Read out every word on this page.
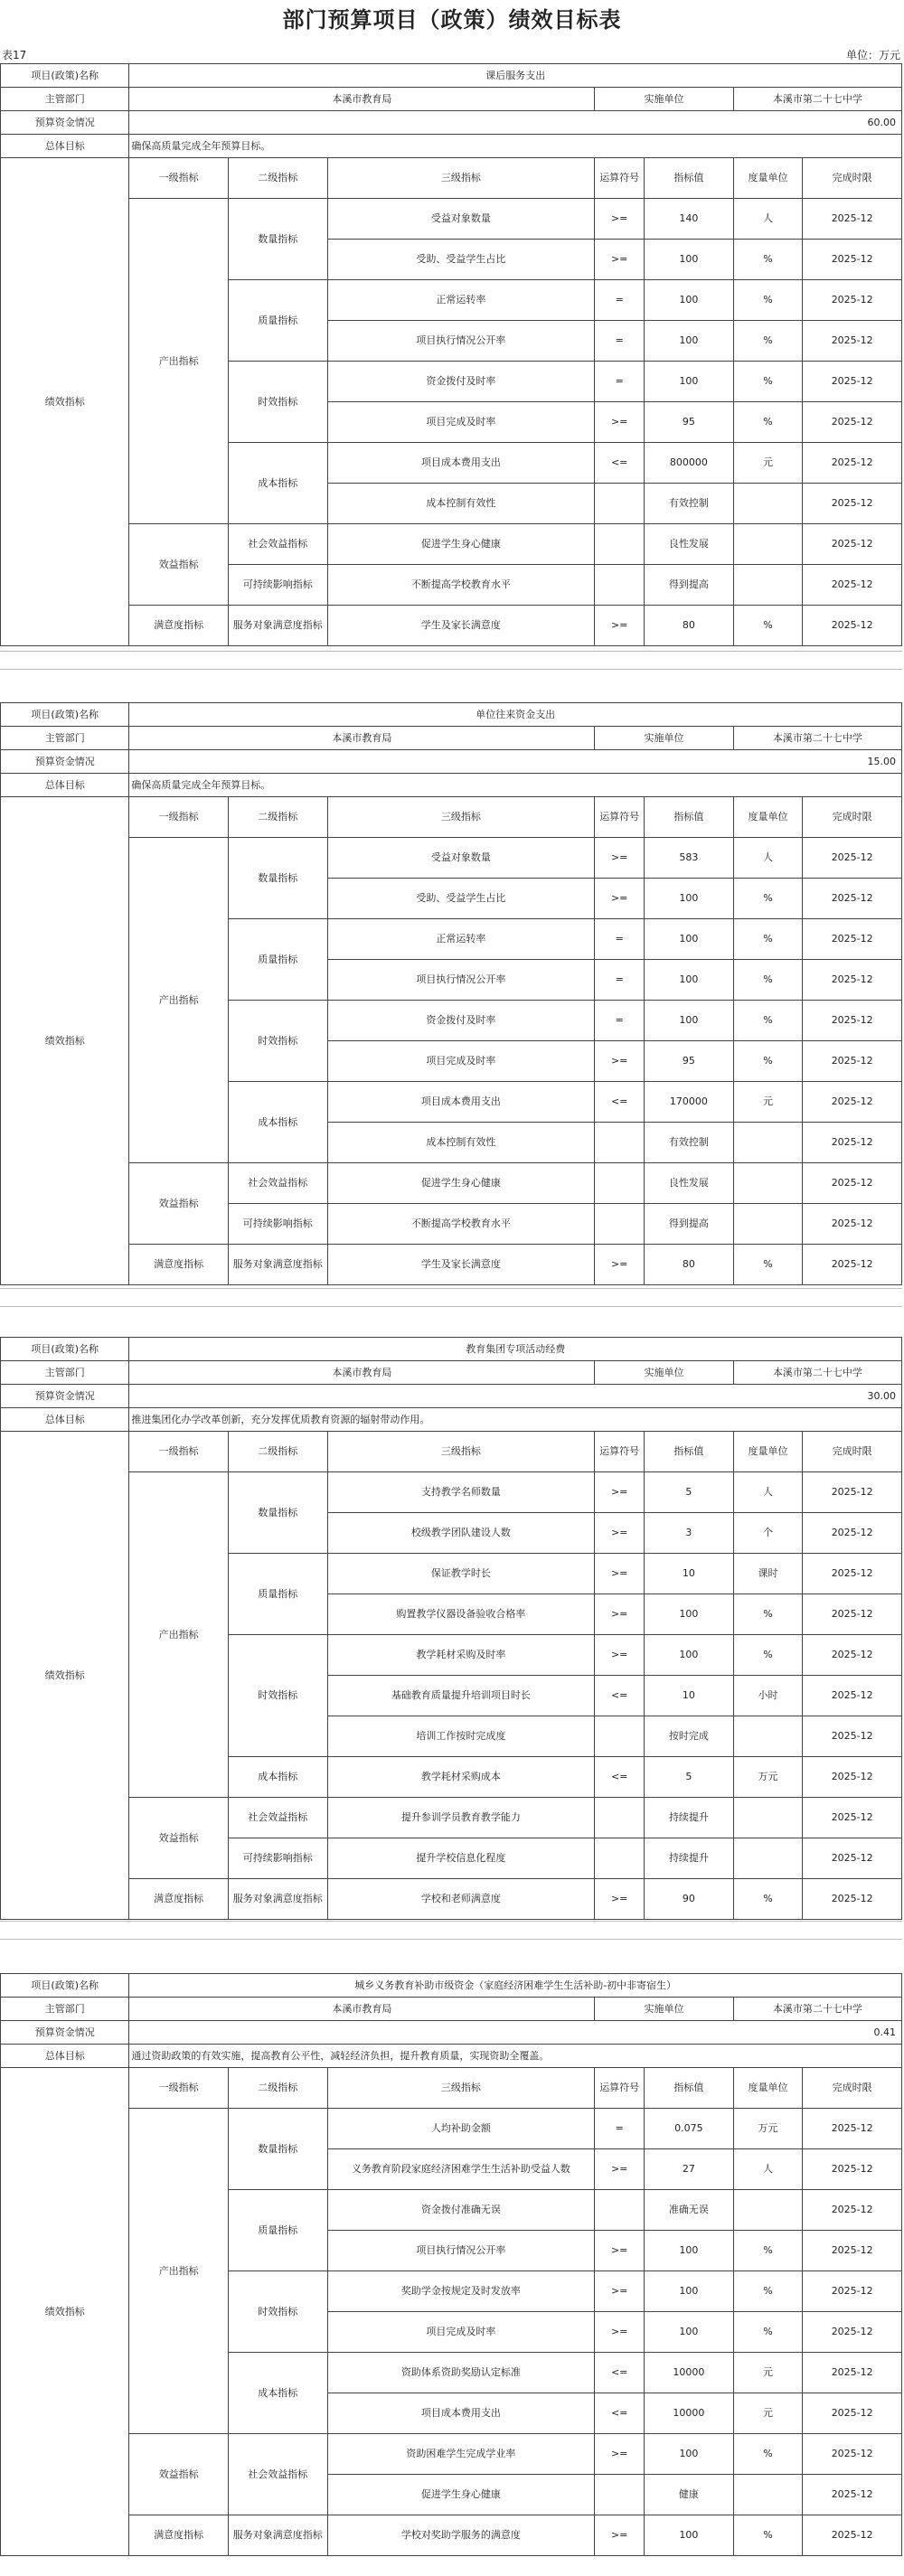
部门预算项目（政策）绩效目标表
表17	单位：万元
项目(政策)名称	课后服务支出						
主管部门	本溪市教育局			实施单位		本溪市第二十七中学	
预算资金情况	60.00						
总体目标	确保高质量完成全年预算目标。						
绩效指标	一级指标	二级指标	三级指标	运算符号	指标值	度量单位	完成时限
	产出指标	数量指标	受益对象数量	>=	140	人	2025-12
			受助、受益学生占比	>=	100	%	2025-12
		质量指标	正常运转率	=	100	%	2025-12
			项目执行情况公开率	=	100	%	2025-12
		时效指标	资金拨付及时率	=	100	%	2025-12
			项目完成及时率	>=	95	%	2025-12
		成本指标	项目成本费用支出	<=	800000	元	2025-12
			成本控制有效性		有效控制		2025-12
	效益指标	社会效益指标	促进学生身心健康		良性发展		2025-12
		可持续影响指标	不断提高学校教育水平		得到提高		2025-12
	满意度指标	服务对象满意度指标	学生及家长满意度	>=	80	%	2025-12
项目(政策)名称	单位往来资金支出						
主管部门	本溪市教育局			实施单位		本溪市第二十七中学	
预算资金情况	15.00						
总体目标	确保高质量完成全年预算目标。						
绩效指标	一级指标	二级指标	三级指标	运算符号	指标值	度量单位	完成时限
	产出指标	数量指标	受益对象数量	>=	583	人	2025-12
			受助、受益学生占比	>=	100	%	2025-12
		质量指标	正常运转率	=	100	%	2025-12
			项目执行情况公开率	=	100	%	2025-12
		时效指标	资金拨付及时率	=	100	%	2025-12
			项目完成及时率	>=	95	%	2025-12
		成本指标	项目成本费用支出	<=	170000	元	2025-12
			成本控制有效性		有效控制		2025-12
	效益指标	社会效益指标	促进学生身心健康		良性发展		2025-12
		可持续影响指标	不断提高学校教育水平		得到提高		2025-12
	满意度指标	服务对象满意度指标	学生及家长满意度	>=	80	%	2025-12
项目(政策)名称	教育集团专项活动经费						
主管部门	本溪市教育局			实施单位		本溪市第二十七中学	
预算资金情况	30.00						
总体目标	推进集团化办学改革创新，充分发挥优质教育资源的辐射带动作用。						
绩效指标	一级指标	二级指标	三级指标	运算符号	指标值	度量单位	完成时限
	产出指标	数量指标	支持教学名师数量	>=	5	人	2025-12
			校级教学团队建设人数	>=	3	个	2025-12
		质量指标	保证教学时长	>=	10	课时	2025-12
			购置教学仪器设备验收合格率	>=	100	%	2025-12
		时效指标	教学耗材采购及时率	>=	100	%	2025-12
			基础教育质量提升培训项目时长	<=	10	小时	2025-12
			培训工作按时完成度		按时完成		2025-12
		成本指标	教学耗材采购成本	<=	5	万元	2025-12
	效益指标	社会效益指标	提升参训学员教育教学能力		持续提升		2025-12
		可持续影响指标	提升学校信息化程度		持续提升		2025-12
	满意度指标	服务对象满意度指标	学校和老师满意度	>=	90	%	2025-12
项目(政策)名称	城乡义务教育补助市级资金（家庭经济困难学生生活补助-初中非寄宿生）						
主管部门	本溪市教育局			实施单位		本溪市第二十七中学	
预算资金情况	0.41						
总体目标	通过资助政策的有效实施，提高教育公平性，减轻经济负担，提升教育质量，实现资助全覆盖。						
绩效指标	一级指标	二级指标	三级指标	运算符号	指标值	度量单位	完成时限
	产出指标	数量指标	人均补助金额	=	0.075	万元	2025-12
			义务教育阶段家庭经济困难学生生活补助受益人数	>=	27	人	2025-12
		质量指标	资金拨付准确无误		准确无误		2025-12
			项目执行情况公开率	>=	100	%	2025-12
		时效指标	奖助学金按规定及时发放率	>=	100	%	2025-12
			项目完成及时率	>=	100	%	2025-12
		成本指标	资助体系资助奖励认定标准	<=	10000	元	2025-12
			项目成本费用支出	<=	10000	元	2025-12
	效益指标	社会效益指标	资助困难学生完成学业率	>=	100	%	2025-12
			促进学生身心健康		健康		2025-12
	满意度指标	服务对象满意度指标	学校对奖助学服务的满意度	>=	100	%	2025-12
